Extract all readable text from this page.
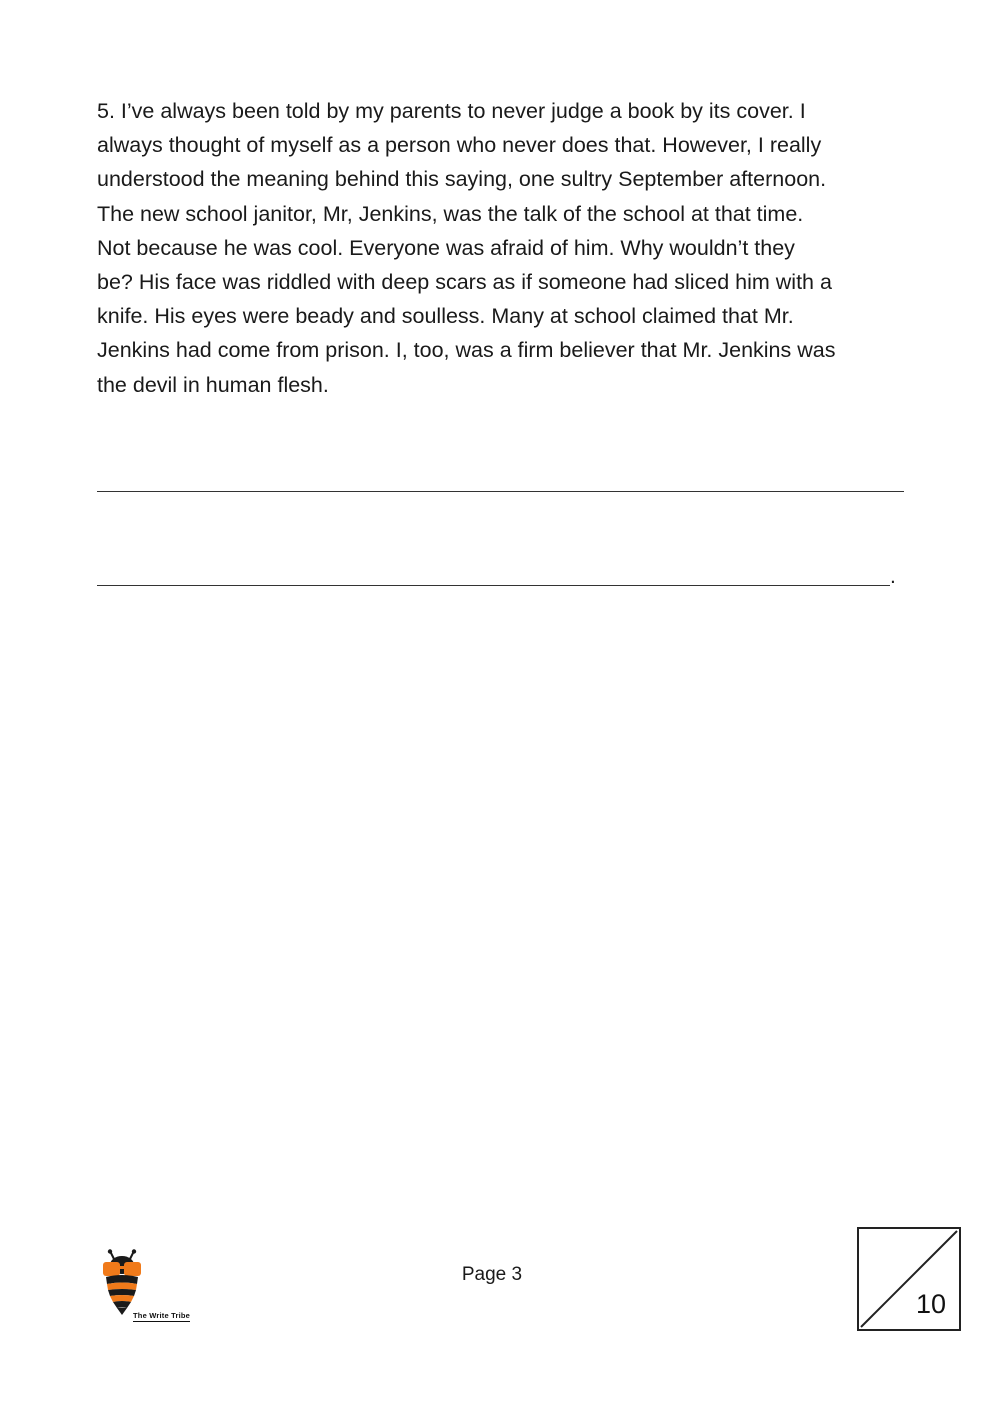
5. I’ve always been told by my parents to never judge a book by its cover. I
always thought of myself as a person who never does that. However, I really
understood the meaning behind this saying, one sultry September afternoon.
The new school janitor, Mr, Jenkins, was the talk of the school at that time.
Not because he was cool. Everyone was afraid of him. Why wouldn’t they
be? His face was riddled with deep scars as if someone had sliced him with a
knife. His eyes were beady and soulless. Many at school claimed that Mr.
Jenkins had come from prison. I, too, was a firm believer that Mr. Jenkins was
the devil in human flesh.
.
The Write Tribe
Page 3
10
